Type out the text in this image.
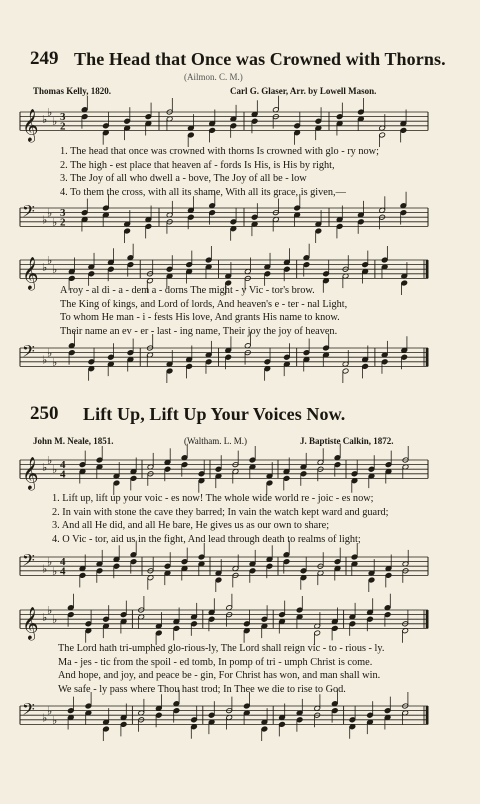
249 The Head that Once was Crowned with Thorns.
(Ailmon. C. M.)
Thomas Kelly, 1820.	Carl G. Glaser, Arr. by Lowell Mason.
𝄞 ♭
♭
♭ 3
2
1. The head that once was crowned with thorns Is crowned with glo - ry now;
2. The high - est place that heaven af - fords Is His, is His by right,
3. The Joy of all who dwell a - bove, The Joy of all be - low
4. To them the cross, with all its shame, With all its grace, is given,—
𝄢 ♭
♭
♭
3
2
𝄞 ♭
♭
♭
A roy - al di - a - dem a - dorns The might - y Vic - tor's brow.
The King of kings, and Lord of lords, And heaven's e - ter - nal Light,
To whom He man - i - fests His love, And grants His name to know.
Their name an ev - er - last - ing name, Their joy the joy of heaven.
𝄢 ♭
♭
♭
250 Lift Up, Lift Up Your Voices Now.
John M. Neale, 1851.	(Waltham. L. M.)	J. Baptiste Calkin, 1872.
𝄞 ♭
♭
♭ 4
4
1. Lift up, lift up your voic - es now! The whole wide world re - joic - es now;
2. In vain with stone the cave they barred; In vain the watch kept ward and guard;
3. And all He did, and all He bare, He gives us as our own to share;
4. O Vic - tor, aid us in the fight, And lead through death to realms of light;
𝄢 ♭
♭
♭
4
4
𝄞 ♭
♭
♭
The Lord hath tri-umphed glo-rious-ly, The Lord shall reign vic - to - rious - ly.
Ma - jes - tic from the spoil - ed tomb, In pomp of tri - umph Christ is come.
And hope, and joy, and peace be - gin, For Christ has won, and man shall win.
We safe - ly pass where Thou hast trod; In Thee we die to rise to God.
𝄢 ♭
♭
♭
